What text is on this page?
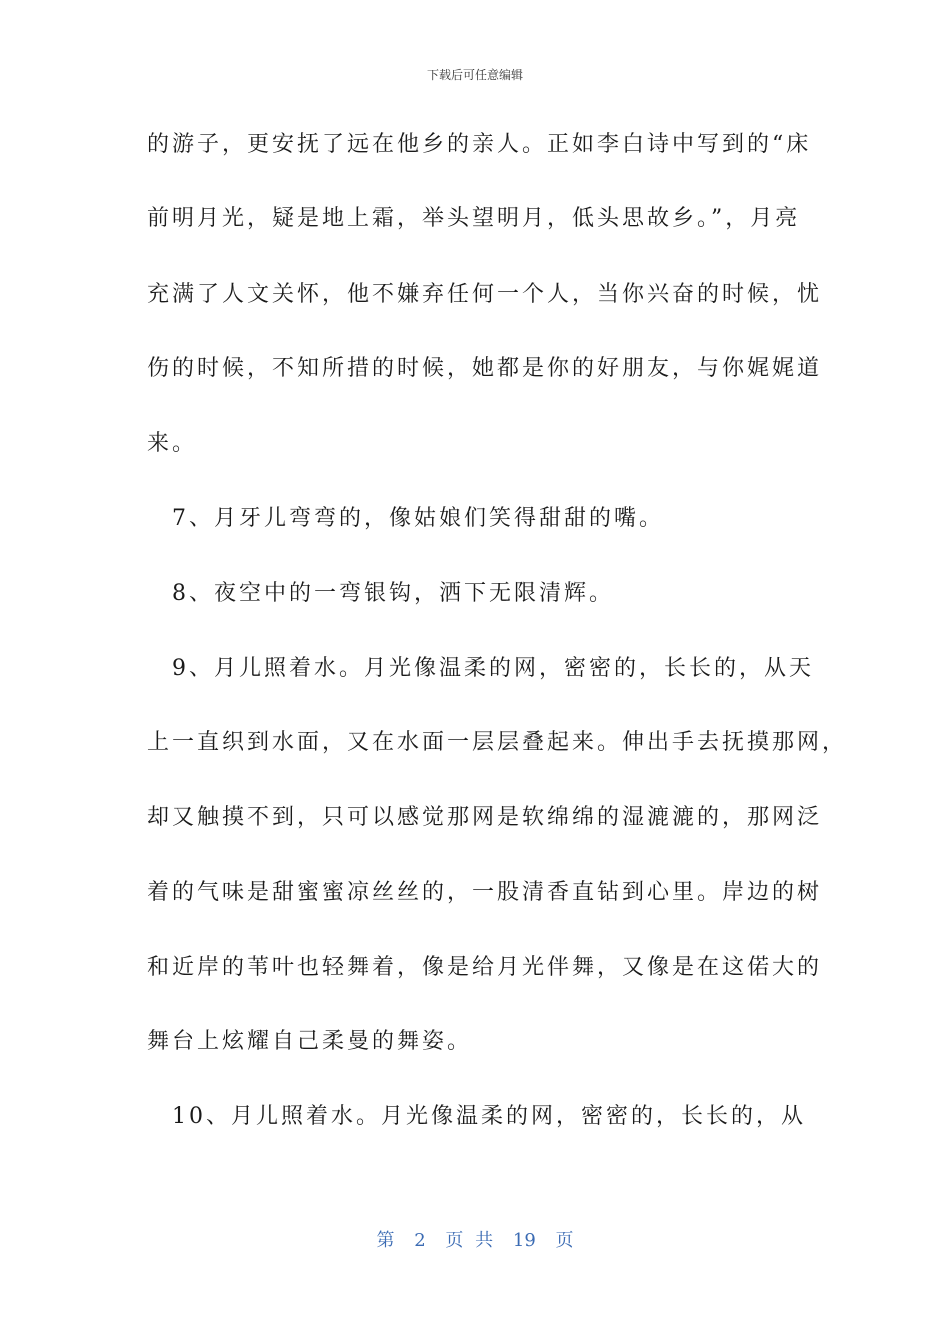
下载后可任意编辑
的游子，更安抚了远在他乡的亲人。正如李白诗中写到的“床
前明月光，疑是地上霜，举头望明月，低头思故乡。”，月亮
充满了人文关怀，他不嫌弃任何一个人，当你兴奋的时候，忧
伤的时候，不知所措的时候，她都是你的好朋友，与你娓娓道
来。
　7、月牙儿弯弯的，像姑娘们笑得甜甜的嘴。
　8、夜空中的一弯银钩，洒下无限清辉。
　9、月儿照着水。月光像温柔的网，密密的，长长的，从天
上一直织到水面，又在水面一层层叠起来。伸出手去抚摸那网，
却又触摸不到，只可以感觉那网是软绵绵的湿漉漉的，那网泛
着的气味是甜蜜蜜凉丝丝的，一股清香直钻到心里。岸边的树
和近岸的苇叶也轻舞着，像是给月光伴舞，又像是在这偌大的
舞台上炫耀自己柔曼的舞姿。
　10、月儿照着水。月光像温柔的网，密密的，长长的，从
第 2 页 共 19 页
